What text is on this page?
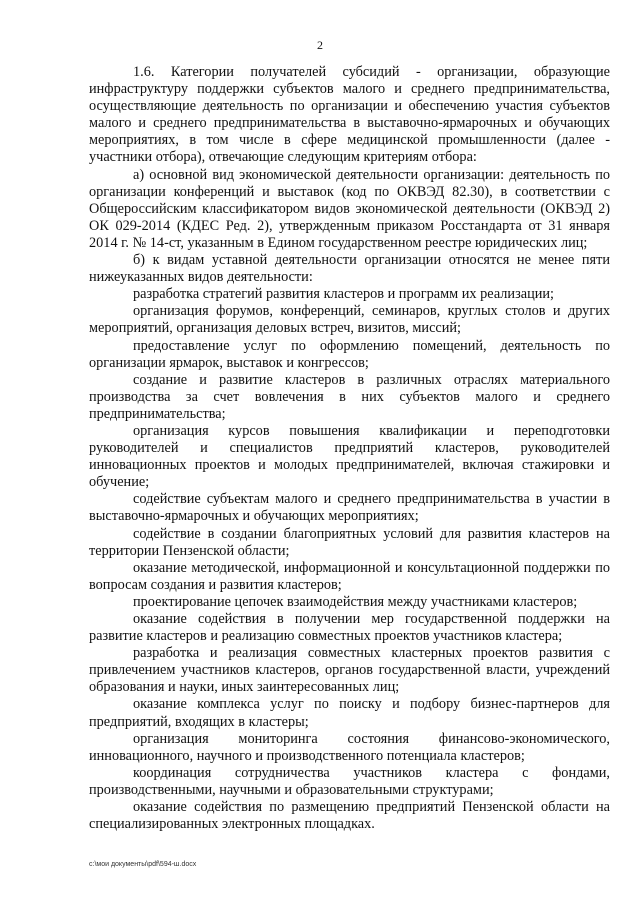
2

1.6. Категории получателей субсидий - организации, образующие инфраструктуру поддержки субъектов малого и среднего предпринимательства, осуществляющие деятельность по организации и обеспечению участия субъектов малого и среднего предпринимательства в выставочно-ярмарочных и обучающих мероприятиях, в том числе в сфере медицинской промышленности (далее - участники отбора), отвечающие следующим критериям отбора:

а) основной вид экономической деятельности организации: деятельность по организации конференций и выставок (код по ОКВЭД 82.30), в соответствии с Общероссийским классификатором видов экономической деятельности (ОКВЭД 2) ОК 029-2014 (КДЕС Ред. 2), утвержденным приказом Росстандарта от 31 января 2014 г. № 14-ст, указанным в Едином государственном реестре юридических лиц;

б) к видам уставной деятельности организации относятся не менее пяти нижеуказанных видов деятельности:

разработка стратегий развития кластеров и программ их реализации;

организация форумов, конференций, семинаров, круглых столов и других мероприятий, организация деловых встреч, визитов, миссий;

предоставление услуг по оформлению помещений, деятельность по организации ярмарок, выставок и конгрессов;

создание и развитие кластеров в различных отраслях материального производства за счет вовлечения в них субъектов малого и среднего предпринимательства;

организация курсов повышения квалификации и переподготовки руководителей и специалистов предприятий кластеров, руководителей инновационных проектов и молодых предпринимателей, включая стажировки и обучение;

содействие субъектам малого и среднего предпринимательства в участии в выставочно-ярмарочных и обучающих мероприятиях;

содействие в создании благоприятных условий для развития кластеров на территории Пензенской области;

оказание методической, информационной и консультационной поддержки по вопросам создания и развития кластеров;

проектирование цепочек взаимодействия между участниками кластеров;

оказание содействия в получении мер государственной поддержки на развитие кластеров и реализацию совместных проектов участников кластера;

разработка и реализация совместных кластерных проектов развития с привлечением участников кластеров, органов государственной власти, учреждений образования и науки, иных заинтересованных лиц;

оказание комплекса услуг по поиску и подбору бизнес-партнеров для предприятий, входящих в кластеры;

организация мониторинга состояния финансово-экономического, инновационного, научного и производственного потенциала кластеров;

координация сотрудничества участников кластера с фондами, производственными, научными и образовательными структурами;

оказание содействия по размещению предприятий Пензенской области на специализированных электронных площадках.

c:\мои документы\pdf\594-ш.docx
